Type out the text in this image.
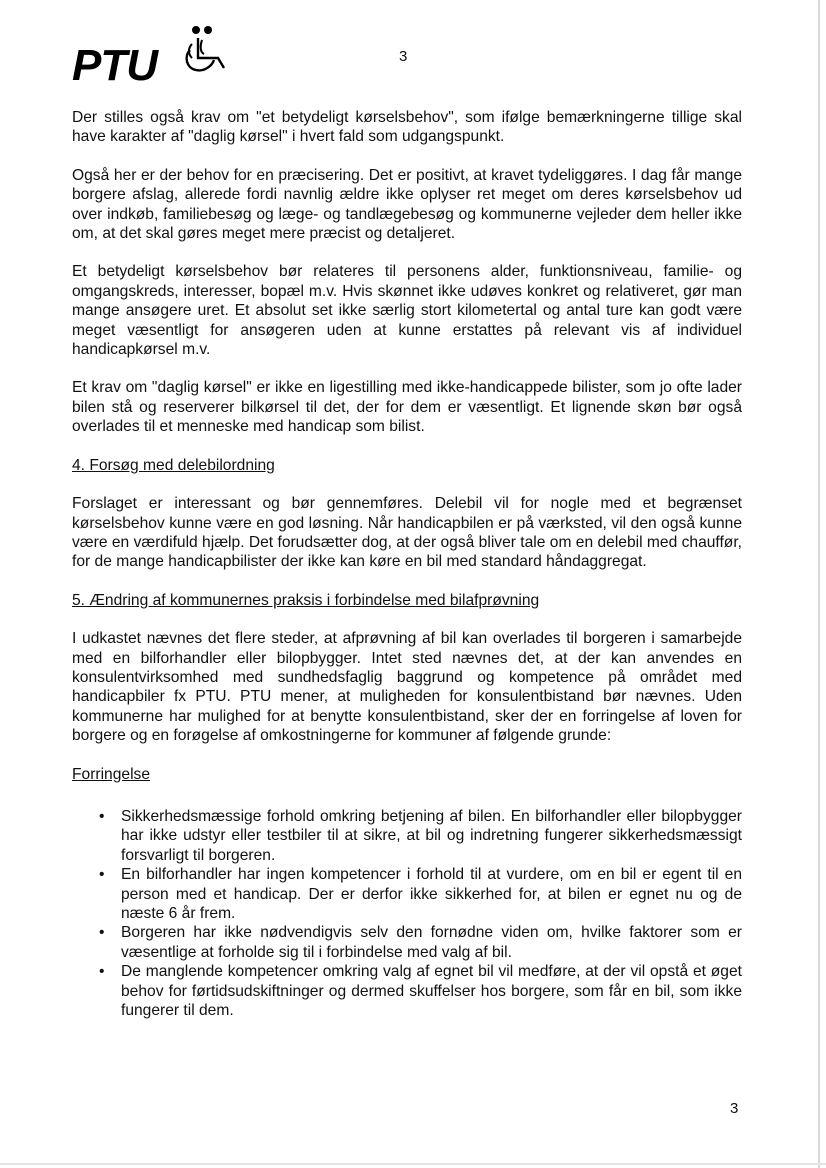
PTU	3

Der stilles også krav om "et betydeligt kørselsbehov", som ifølge bemærkningerne tillige skal have karakter af "daglig kørsel" i hvert fald som udgangspunkt.

Også her er der behov for en præcisering. Det er positivt, at kravet tydeliggøres. I dag får mange borgere afslag, allerede fordi navnlig ældre ikke oplyser ret meget om deres kørselsbehov ud over indkøb, familiebesøg og læge- og tandlægebesøg og kommunerne vejleder dem heller ikke om, at det skal gøres meget mere præcist og detaljeret.

Et betydeligt kørselsbehov bør relateres til personens alder, funktionsniveau, familie- og omgangskreds, interesser, bopæl m.v. Hvis skønnet ikke udøves konkret og relativeret, gør man mange ansøgere uret. Et absolut set ikke særlig stort kilometertal og antal ture kan godt være meget væsentligt for ansøgeren uden at kunne erstattes på relevant vis af individuel handicapkørsel m.v.

Et krav om "daglig kørsel" er ikke en ligestilling med ikke-handicappede bilister, som jo ofte lader bilen stå og reserverer bilkørsel til det, der for dem er væsentligt. Et lignende skøn bør også overlades til et menneske med handicap som bilist.

4. Forsøg med delebilordning

Forslaget er interessant og bør gennemføres. Delebil vil for nogle med et begrænset kørselsbehov kunne være en god løsning. Når handicapbilen er på værksted, vil den også kunne være en værdifuld hjælp. Det forudsætter dog, at der også bliver tale om en delebil med chauffør, for de mange handicapbilister der ikke kan køre en bil med standard håndaggregat.

5. Ændring af kommunernes praksis i forbindelse med bilafprøvning

I udkastet nævnes det flere steder, at afprøvning af bil kan overlades til borgeren i samarbejde med en bilforhandler eller bilopbygger. Intet sted nævnes det, at der kan anvendes en konsulentvirksomhed med sundhedsfaglig baggrund og kompetence på området med handicapbiler fx PTU. PTU mener, at muligheden for konsulentbistand bør nævnes. Uden kommunerne har mulighed for at benytte konsulentbistand, sker der en forringelse af loven for borgere og en forøgelse af omkostningerne for kommuner af følgende grunde:

Forringelse
• Sikkerhedsmæssige forhold omkring betjening af bilen. En bilforhandler eller bilopbygger har ikke udstyr eller testbiler til at sikre, at bil og indretning fungerer sikkerhedsmæssigt forsvarligt til borgeren.
• En bilforhandler har ingen kompetencer i forhold til at vurdere, om en bil er egent til en person med et handicap. Der er derfor ikke sikkerhed for, at bilen er egnet nu og de næste 6 år frem.
• Borgeren har ikke nødvendigvis selv den fornødne viden om, hvilke faktorer som er væsentlige at forholde sig til i forbindelse med valg af bil.
• De manglende kompetencer omkring valg af egnet bil vil medføre, at der vil opstå et øget behov for førtidsudskiftninger og dermed skuffelser hos borgere, som får en bil, som ikke fungerer til dem.
3
